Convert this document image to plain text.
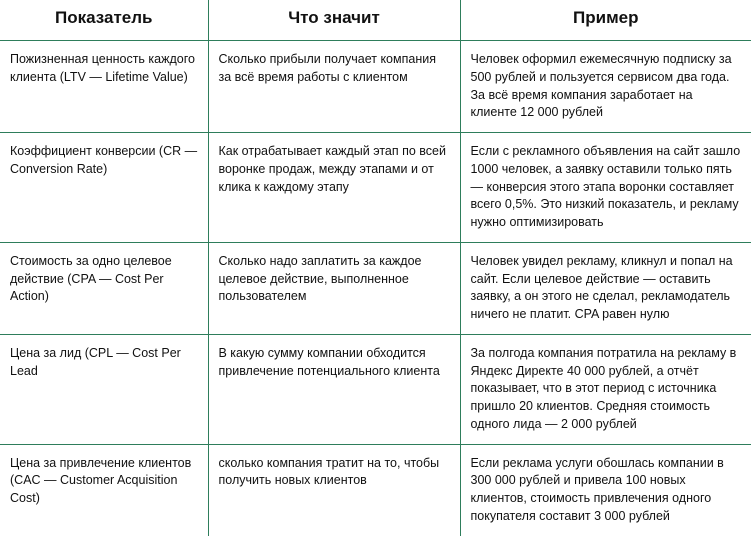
Показатель	Что значит	Пример
Пожизненная ценность каждого клиента (LTV — Lifetime Value)	Сколько прибыли получает компания за всё время работы с клиентом	Человек оформил ежемесячную подписку за 500 рублей и пользуется сервисом два года. За всё время компания заработает на клиенте 12 000 рублей
Коэффициент конверсии (CR — Conversion Rate)	Как отрабатывает каждый этап по всей воронке продаж, между этапами и от клика к каждому этапу	Если с рекламного объявления на сайт зашло 1000 человек, а заявку оставили только пять — конверсия этого этапа воронки составляет всего 0,5%. Это низкий показатель, и рекламу нужно оптимизировать
Стоимость за одно целевое действие (CPA — Cost Per Action)	Сколько надо заплатить за каждое целевое действие, выполненное пользователем	Человек увидел рекламу, кликнул и попал на сайт. Если целевое действие — оставить заявку, а он этого не сделал, рекламодатель ничего не платит. CPA равен нулю
Цена за лид (CPL — Cost Per Lead	В какую сумму компании обходится привлечение потенциального клиента	За полгода компания потратила на рекламу в Яндекс Директе 40 000 рублей, а отчёт показывает, что в этот период с источника пришло 20 клиентов. Средняя стоимость одного лида — 2 000 рублей
Цена за привлечение клиентов (CAC — Customer Acquisition Cost)	сколько компания тратит на то, чтобы получить новых клиентов	Если реклама услуги обошлась компании в 300 000 рублей и привела 100 новых клиентов, стоимость привлечения одного покупателя составит 3 000 рублей
